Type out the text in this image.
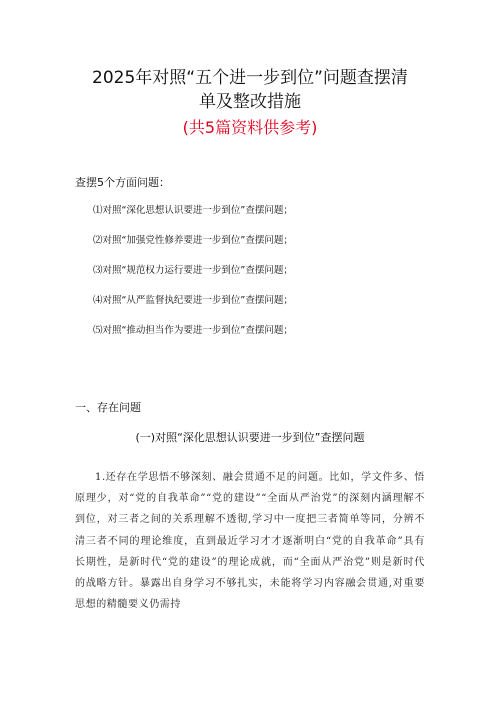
2025年对照“五个进一步到位”问题查摆清
单及整改措施
(共5篇资料供参考)
查摆5个方面问题：
⑴对照“深化思想认识要进一步到位”查摆问题；
⑵对照“加强党性修养要进一步到位”查摆问题；
⑶对照“规范权力运行要进一步到位”查摆问题；
⑷对照“从严监督执纪要进一步到位”查摆问题；
⑸对照“推动担当作为要进一步到位”查摆问题；
一、存在问题
(一)对照“深化思想认识要进一步到位”查摆问题

1.还存在学思悟不够深刻、融会贯通不足的问题。比如，学文件多、悟原理少，对“党的自我革命”“党的建设”“全面从严治党”的深刻内涵理解不到位，对三者之间的关系理解不透彻,学习中一度把三者简单等同，分辨不清三者不同的理论维度，直到最近学习才才逐渐明白“党的自我革命”具有长期性，是新时代“党的建设”的理论成就，而“全面从严治党”则是新时代的战略方针。暴露出自身学习不够扎实，未能将学习内容融会贯通,对重要思想的精髓要义仍需持
